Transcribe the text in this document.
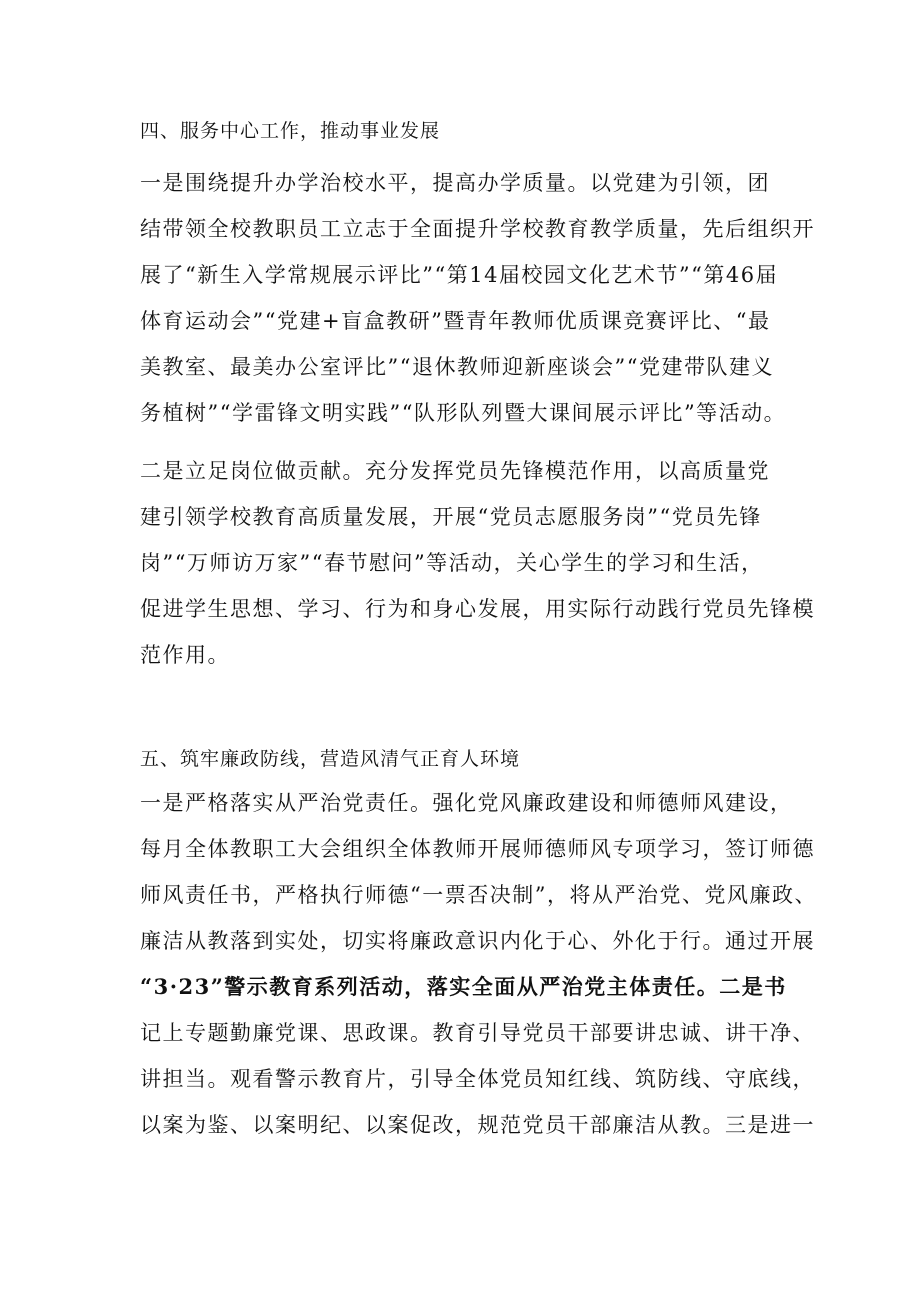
四、服务中心工作，推动事业发展
一是围绕提升办学治校水平，提高办学质量。以党建为引领，团
结带领全校教职员工立志于全面提升学校教育教学质量，先后组织开
展了“新生入学常规展示评比”“第14届校园文化艺术节”“第46届
体育运动会”“党建+盲盒教研”暨青年教师优质课竞赛评比、“最
美教室、最美办公室评比”“退休教师迎新座谈会”“党建带队建义
务植树”“学雷锋文明实践”“队形队列暨大课间展示评比”等活动。
二是立足岗位做贡献。充分发挥党员先锋模范作用，以高质量党
建引领学校教育高质量发展，开展“党员志愿服务岗”“党员先锋
岗”“万师访万家”“春节慰问”等活动，关心学生的学习和生活，
促进学生思想、学习、行为和身心发展，用实际行动践行党员先锋模
范作用。
五、筑牢廉政防线，营造风清气正育人环境
一是严格落实从严治党责任。强化党风廉政建设和师德师风建设，
每月全体教职工大会组织全体教师开展师德师风专项学习，签订师德
师风责任书，严格执行师德“一票否决制”，将从严治党、党风廉政、
廉洁从教落到实处，切实将廉政意识内化于心、外化于行。通过开展
“3·23”警示教育系列活动，落实全面从严治党主体责任。二是书
记上专题勤廉党课、思政课。教育引导党员干部要讲忠诚、讲干净、
讲担当。观看警示教育片，引导全体党员知红线、筑防线、守底线，
以案为鉴、以案明纪、以案促改，规范党员干部廉洁从教。三是进一
